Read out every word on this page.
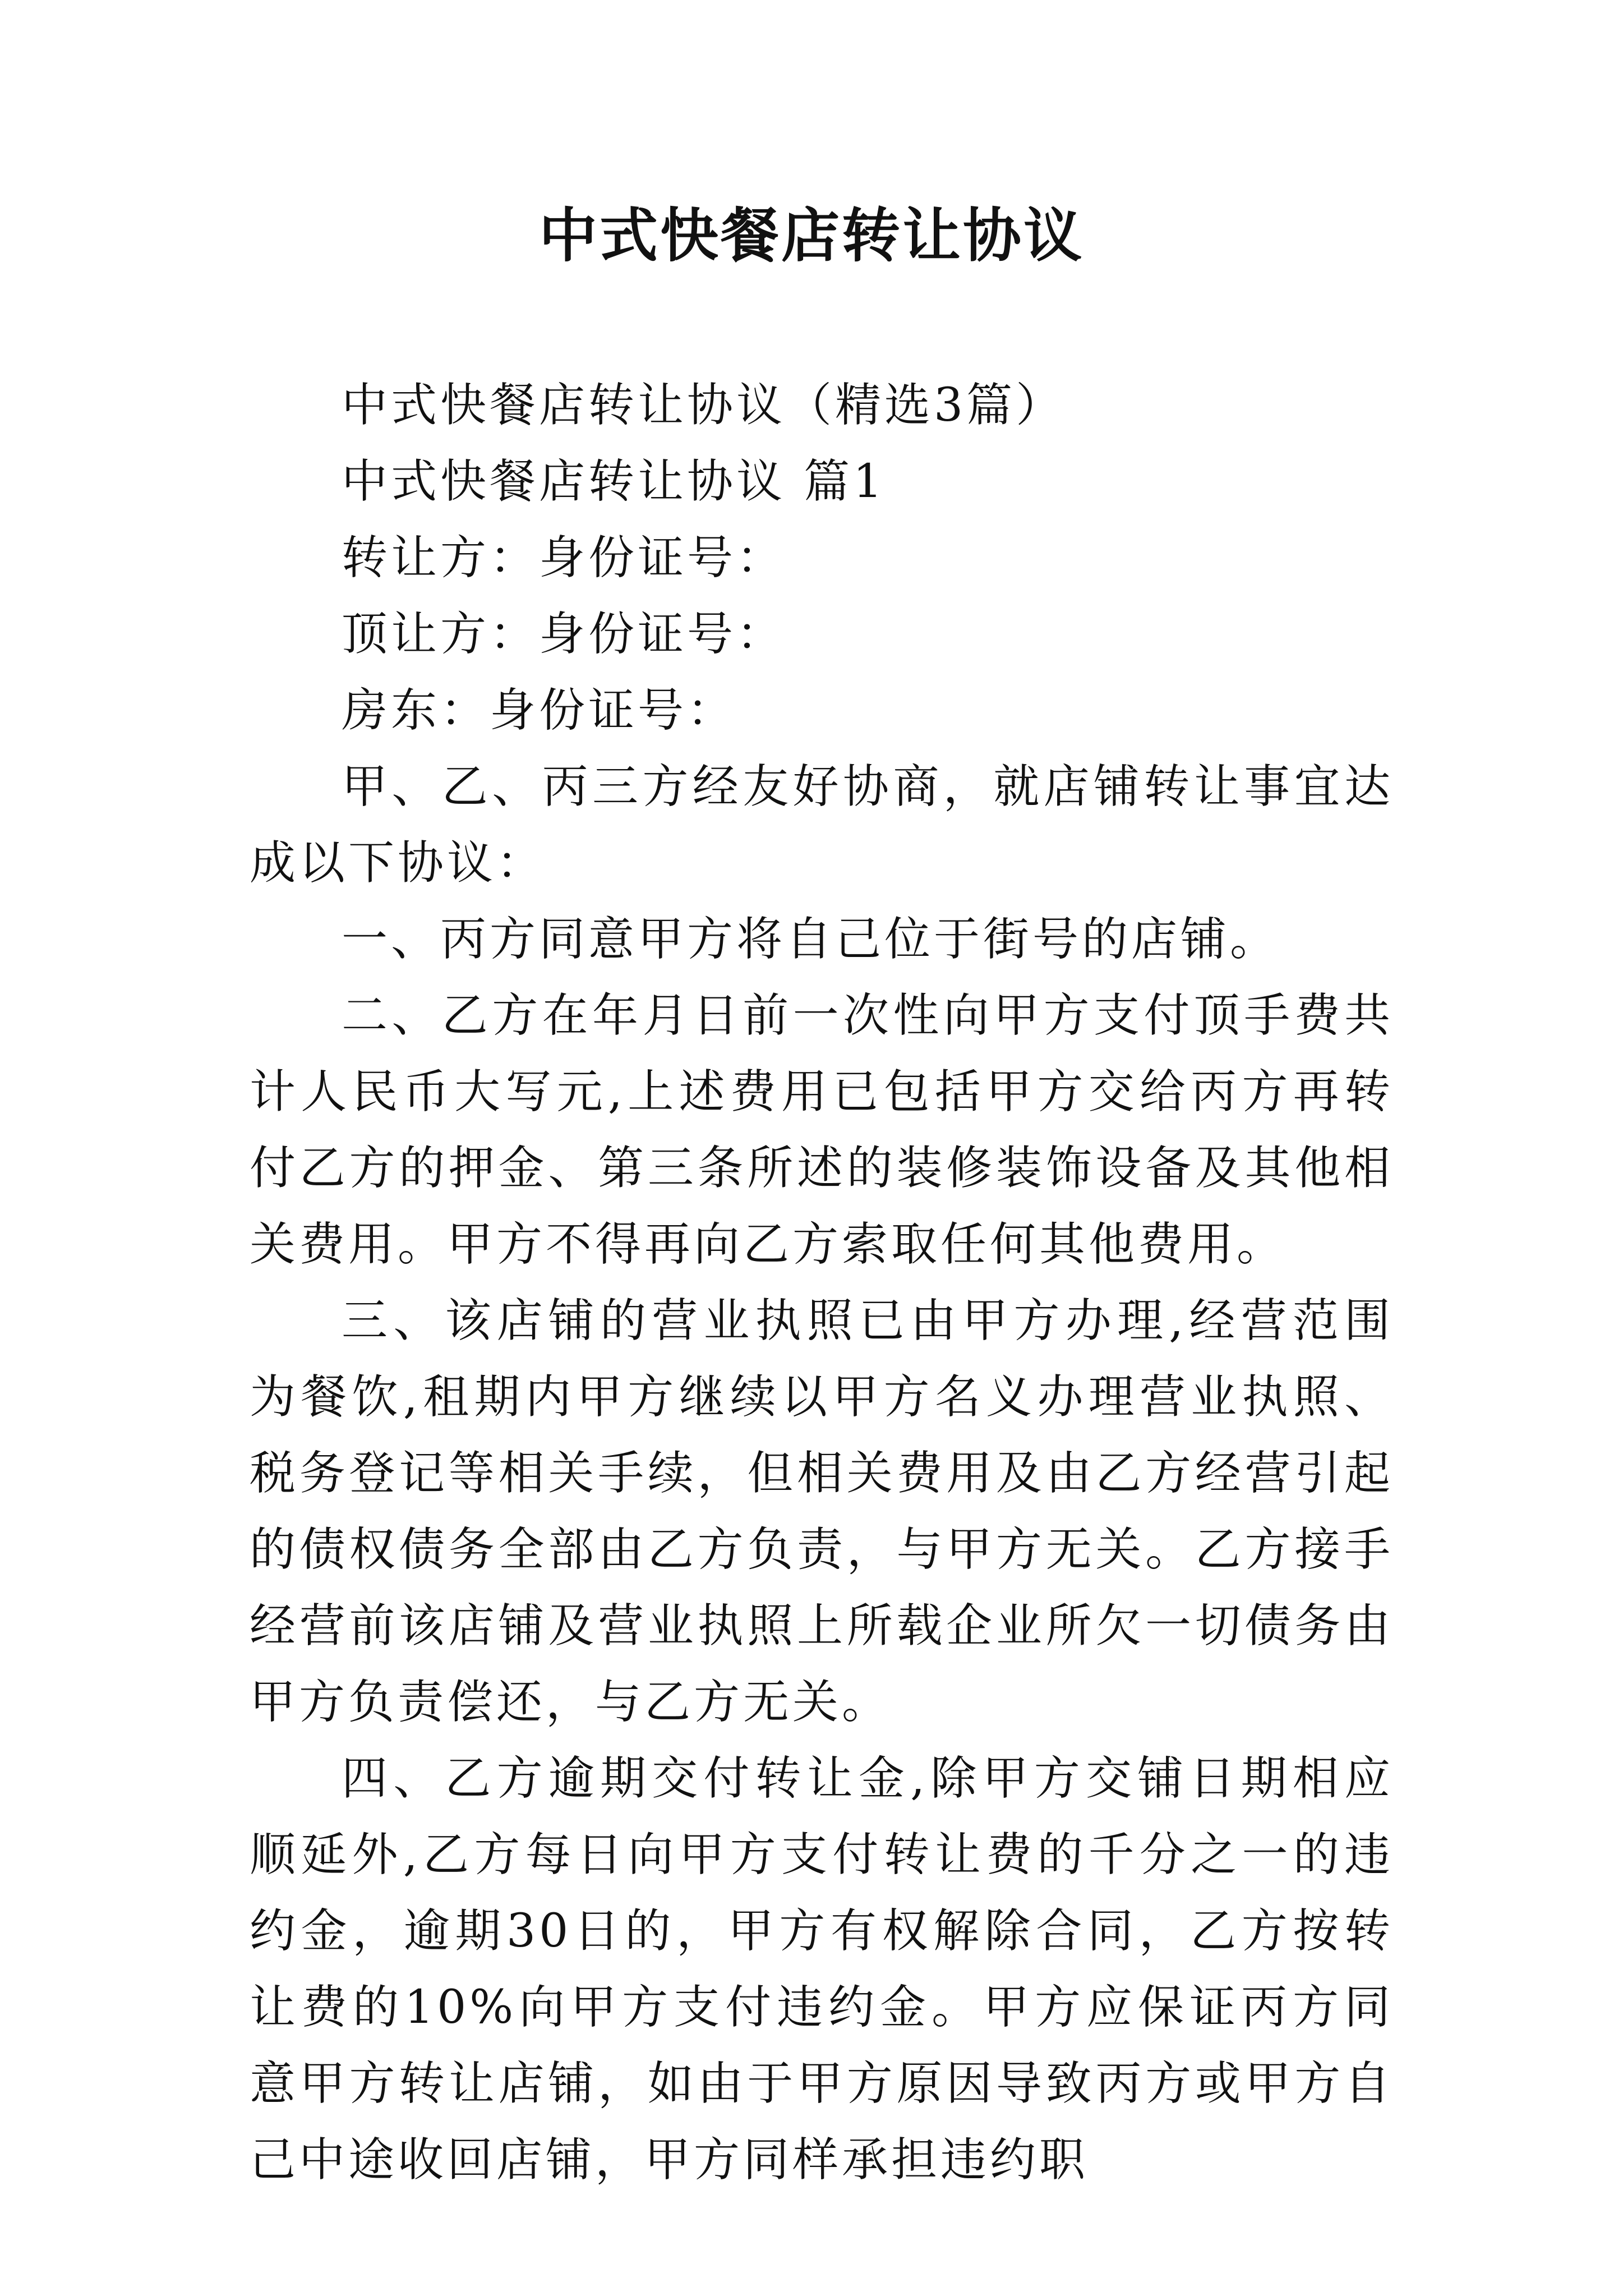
中式快餐店转让协议

中式快餐店转让协议（精选3篇）

中式快餐店转让协议 篇1

转让方：身份证号：

顶让方：身份证号：

房东：身份证号：

甲、乙、丙三方经友好协商，就店铺转让事宜达成以下协议：

一、丙方同意甲方将自己位于街号的店铺。

二、乙方在年月日前一次性向甲方支付顶手费共计人民币大写元,上述费用已包括甲方交给丙方再转付乙方的押金、第三条所述的装修装饰设备及其他相关费用。甲方不得再向乙方索取任何其他费用。

三、该店铺的营业执照已由甲方办理,经营范围为餐饮,租期内甲方继续以甲方名义办理营业执照、税务登记等相关手续，但相关费用及由乙方经营引起的债权债务全部由乙方负责，与甲方无关。乙方接手经营前该店铺及营业执照上所载企业所欠一切债务由甲方负责偿还，与乙方无关。

四、乙方逾期交付转让金,除甲方交铺日期相应顺延外,乙方每日向甲方支付转让费的千分之一的违约金，逾期30日的，甲方有权解除合同，乙方按转让费的10%向甲方支付违约金。甲方应保证丙方同意甲方转让店铺，如由于甲方原因导致丙方或甲方自己中途收回店铺，甲方同样承担违约职
